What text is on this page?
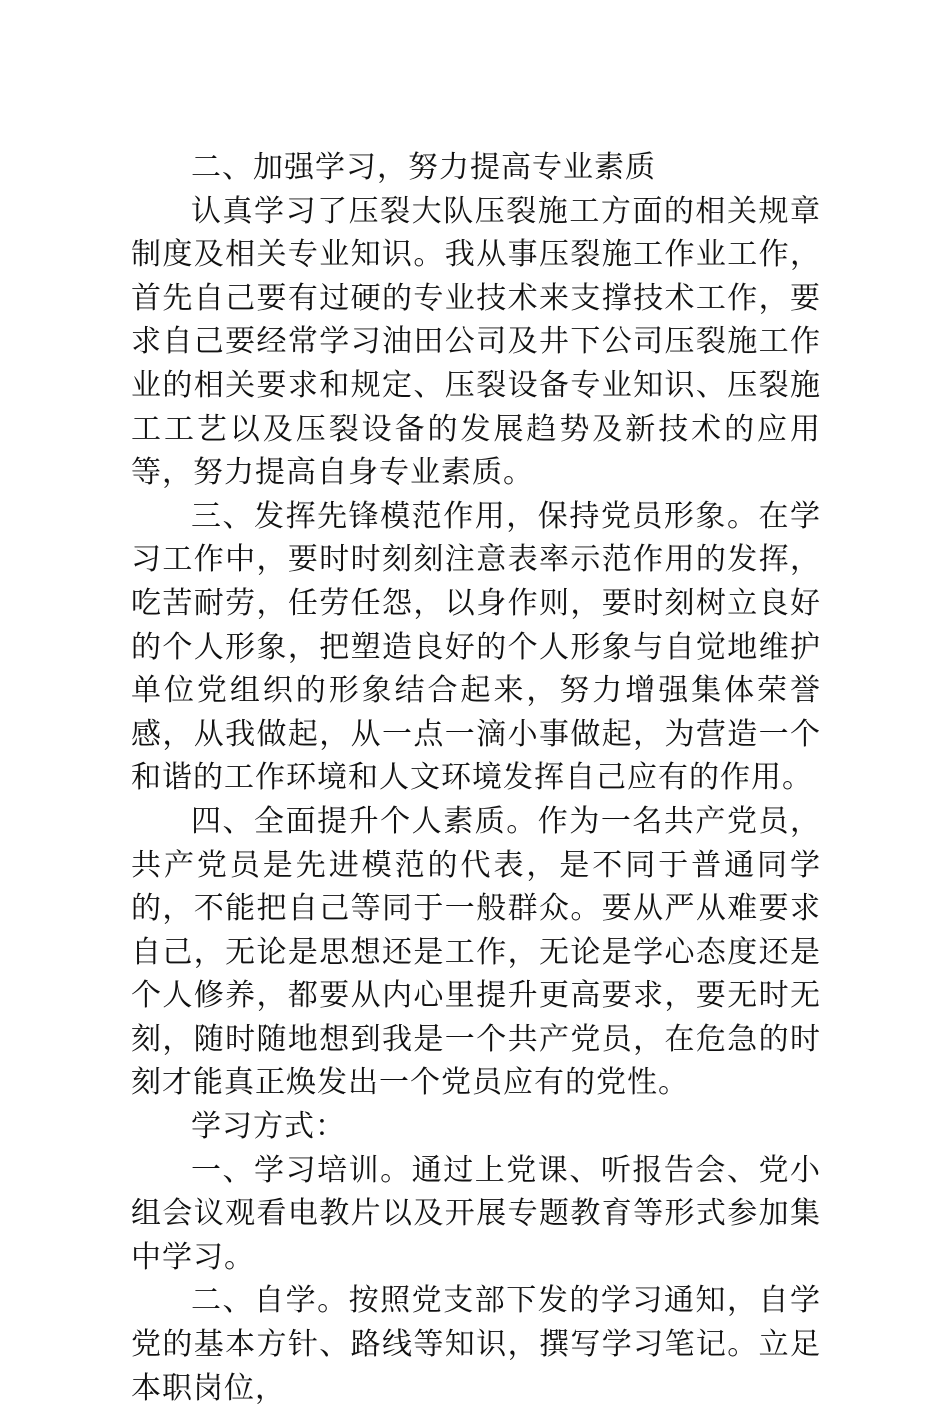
二、加强学习，努力提高专业素质

认真学习了压裂大队压裂施工方面的相关规章制度及相关专业知识。我从事压裂施工作业工作，首先自己要有过硬的专业技术来支撑技术工作，要求自己要经常学习油田公司及井下公司压裂施工作业的相关要求和规定、压裂设备专业知识、压裂施工工艺以及压裂设备的发展趋势及新技术的应用等，努力提高自身专业素质。

三、发挥先锋模范作用，保持党员形象。在学习工作中，要时时刻刻注意表率示范作用的发挥，吃苦耐劳，任劳任怨，以身作则，要时刻树立良好的个人形象，把塑造良好的个人形象与自觉地维护单位党组织的形象结合起来，努力增强集体荣誉感，从我做起，从一点一滴小事做起，为营造一个和谐的工作环境和人文环境发挥自己应有的作用。

四、全面提升个人素质。作为一名共产党员，共产党员是先进模范的代表，是不同于普通同学的，不能把自己等同于一般群众。要从严从难要求自己，无论是思想还是工作，无论是学心态度还是个人修养，都要从内心里提升更高要求，要无时无刻，随时随地想到我是一个共产党员，在危急的时刻才能真正焕发出一个党员应有的党性。

学习方式：

一、学习培训。通过上党课、听报告会、党小组会议观看电教片以及开展专题教育等形式参加集中学习。

二、自学。按照党支部下发的学习通知，自学党的基本方针、路线等知识，撰写学习笔记。立足本职岗位，
